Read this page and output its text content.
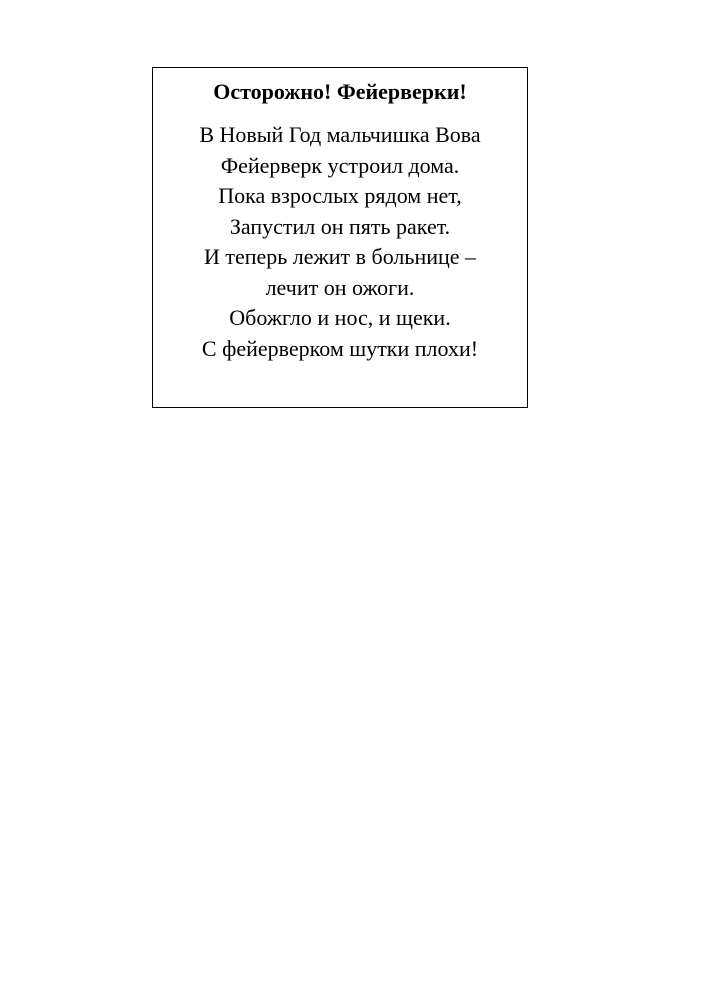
Осторожно! Фейерверки!
В Новый Год мальчишка Вова
Фейерверк устроил дома.
Пока взрослых рядом нет,
Запустил он пять ракет.
И теперь лежит в больнице –
лечит он ожоги.
Обожгло и нос, и щеки.
С фейерверком шутки плохи!
